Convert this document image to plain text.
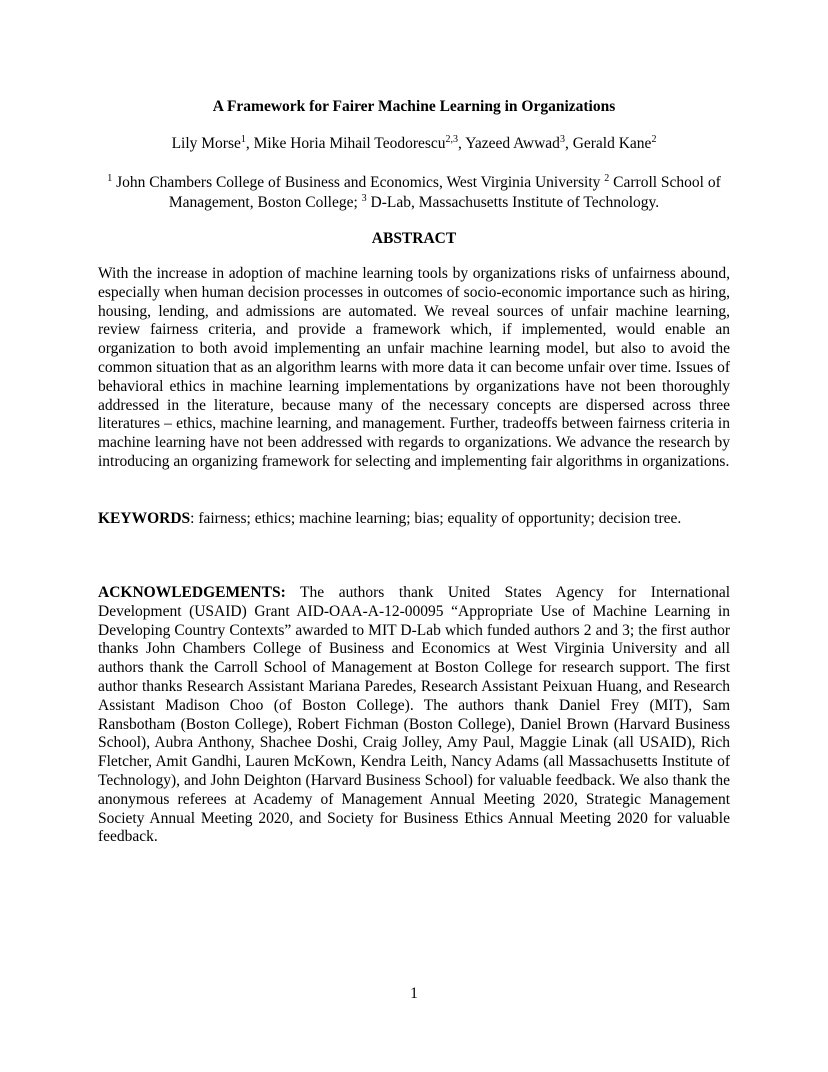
A Framework for Fairer Machine Learning in Organizations
Lily Morse$^1$, Mike Horia Mihail Teodorescu$^{2,3}$, Yazeed Awwad$^3$, Gerald Kane$^2$
$^1$ John Chambers College of Business and Economics, West Virginia University $^2$ Carroll School of Management, Boston College; $^3$ D-Lab, Massachusetts Institute of Technology.
ABSTRACT
With the increase in adoption of machine learning tools by organizations risks of unfairness abound, especially when human decision processes in outcomes of socio-economic importance such as hiring, housing, lending, and admissions are automated. We reveal sources of unfair machine learning, review fairness criteria, and provide a framework which, if implemented, would enable an organization to both avoid implementing an unfair machine learning model, but also to avoid the common situation that as an algorithm learns with more data it can become unfair over time. Issues of behavioral ethics in machine learning implementations by organizations have not been thoroughly addressed in the literature, because many of the necessary concepts are dispersed across three literatures – ethics, machine learning, and management. Further, tradeoffs between fairness criteria in machine learning have not been addressed with regards to organizations. We advance the research by introducing an organizing framework for selecting and implementing fair algorithms in organizations.
KEYWORDS: fairness; ethics; machine learning; bias; equality of opportunity; decision tree.
ACKNOWLEDGEMENTS: The authors thank United States Agency for International Development (USAID) Grant AID-OAA-A-12-00095 “Appropriate Use of Machine Learning in Developing Country Contexts” awarded to MIT D-Lab which funded authors 2 and 3; the first author thanks John Chambers College of Business and Economics at West Virginia University and all authors thank the Carroll School of Management at Boston College for research support. The first author thanks Research Assistant Mariana Paredes, Research Assistant Peixuan Huang, and Research Assistant Madison Choo (of Boston College). The authors thank Daniel Frey (MIT), Sam Ransbotham (Boston College), Robert Fichman (Boston College), Daniel Brown (Harvard Business School), Aubra Anthony, Shachee Doshi, Craig Jolley, Amy Paul, Maggie Linak (all USAID), Rich Fletcher, Amit Gandhi, Lauren McKown, Kendra Leith, Nancy Adams (all Massachusetts Institute of Technology), and John Deighton (Harvard Business School) for valuable feedback. We also thank the anonymous referees at Academy of Management Annual Meeting 2020, Strategic Management Society Annual Meeting 2020, and Society for Business Ethics Annual Meeting 2020 for valuable feedback.
1
